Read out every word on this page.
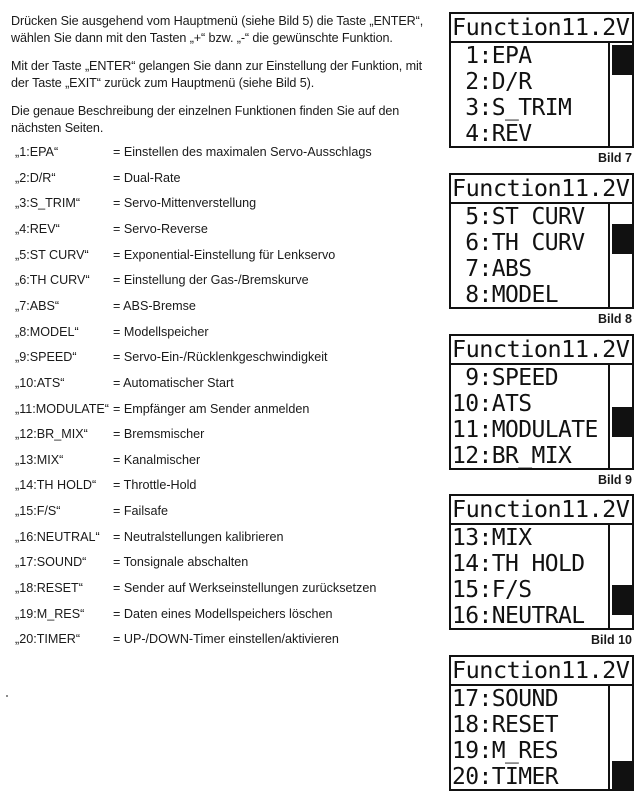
Drücken Sie ausgehend vom Hauptmenü (siehe Bild 5) die Taste „ENTER“, wählen Sie dann mit den Tasten „+“ bzw. „-“ die gewünschte Funktion.
Mit der Taste „ENTER“ gelangen Sie dann zur Einstellung der Funktion, mit der Taste „EXIT“ zurück zum Hauptmenü (siehe Bild 5).
Die genaue Beschreibung der einzelnen Funktionen finden Sie auf den nächsten Seiten.
„1:EPA“	= Einstellen des maximalen Servo-Ausschlags
„2:D/R“	= Dual-Rate
„3:S_TRIM“	= Servo-Mittenverstellung
„4:REV“	= Servo-Reverse
„5:ST CURV“ = Exponential-Einstellung für Lenkservo
„6:TH CURV“ = Einstellung der Gas-/Bremskurve
„7:ABS“	= ABS-Bremse
„8:MODEL“	= Modellspeicher
„9:SPEED“	= Servo-Ein-/Rücklenkgeschwindigkeit
„10:ATS“	= Automatischer Start
„11:MODULATE“ = Empfänger am Sender anmelden
„12:BR_MIX“ = Bremsmischer
„13:MIX“	= Kanalmischer
„14:TH HOLD“ = Throttle-Hold
„15:F/S“	= Failsafe
„16:NEUTRAL“ = Neutralstellungen kalibrieren
„17:SOUND“ = Tonsignale abschalten
„18:RESET“ = Sender auf Werkseinstellungen zurücksetzen
„19:M_RES“ = Daten eines Modellspeichers löschen
„20:TIMER“	= UP-/DOWN-Timer einstellen/aktivieren
Function11.2V
1:EPA
2:D/R
3:S_TRIM
4:REV
Bild 7
Function11.2V
5:ST CURV
6:TH CURV
7:ABS
8:MODEL
Bild 8
Function11.2V
9:SPEED
10:ATS
11:MODULATE
12:BR_MIX
Bild 9
Function11.2V
13:MIX
14:TH HOLD
15:F/S
16:NEUTRAL
Bild 10
Function11.2V
17:SOUND
18:RESET
19:M_RES
20:TIMER
